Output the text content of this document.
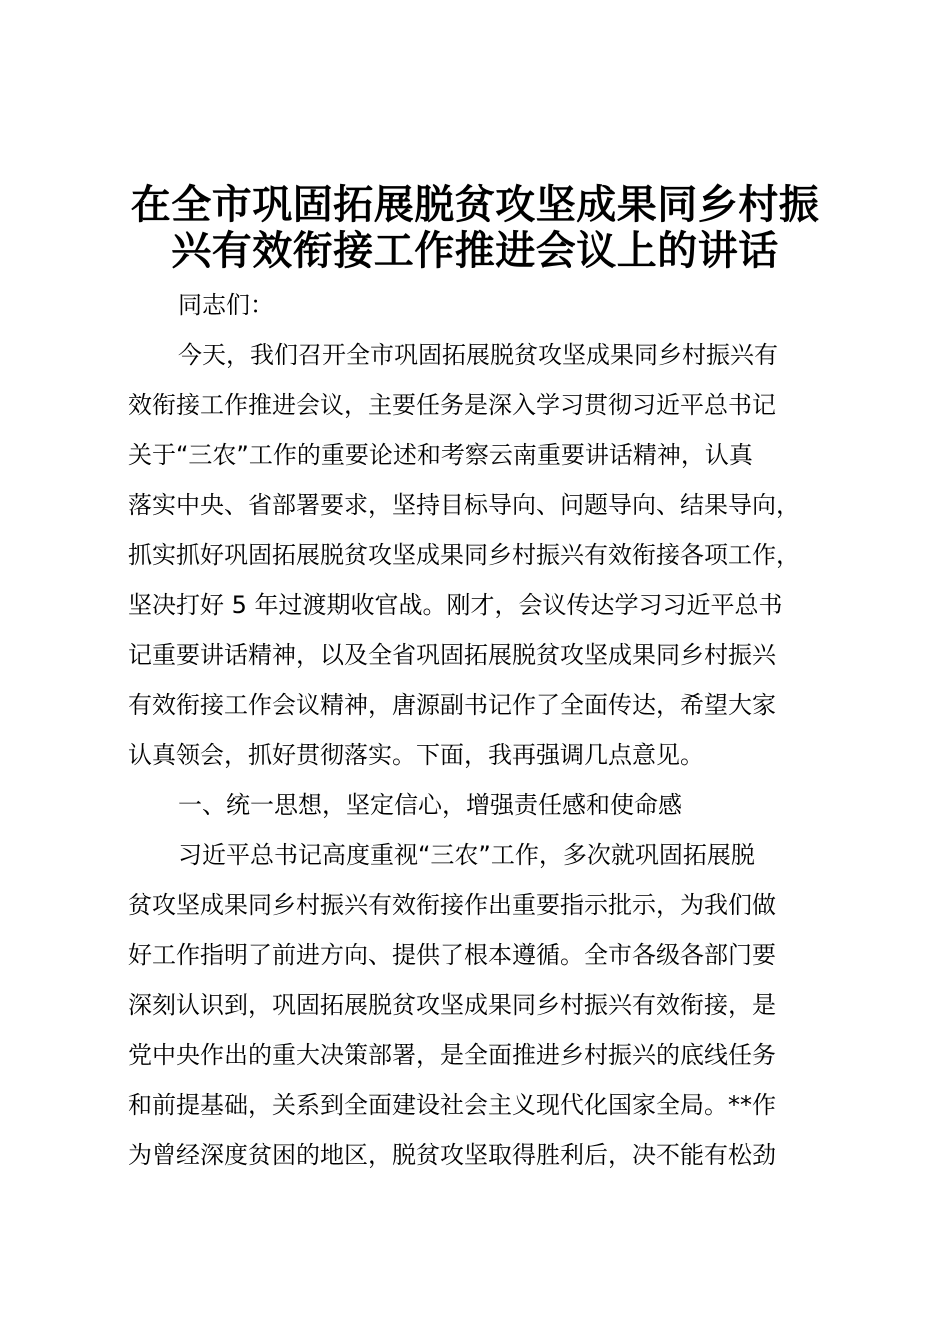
在全市巩固拓展脱贫攻坚成果同乡村振
兴有效衔接工作推进会议上的讲话
同志们：
今天，我们召开全市巩固拓展脱贫攻坚成果同乡村振兴有
效衔接工作推进会议，主要任务是深入学习贯彻习近平总书记
关于“三农”工作的重要论述和考察云南重要讲话精神，认真
落实中央、省部署要求，坚持目标导向、问题导向、结果导向，
抓实抓好巩固拓展脱贫攻坚成果同乡村振兴有效衔接各项工作，
坚决打好 5 年过渡期收官战。刚才，会议传达学习习近平总书
记重要讲话精神，以及全省巩固拓展脱贫攻坚成果同乡村振兴
有效衔接工作会议精神，唐源副书记作了全面传达，希望大家
认真领会，抓好贯彻落实。下面，我再强调几点意见。
一、统一思想，坚定信心，增强责任感和使命感
习近平总书记高度重视“三农”工作，多次就巩固拓展脱
贫攻坚成果同乡村振兴有效衔接作出重要指示批示，为我们做
好工作指明了前进方向、提供了根本遵循。全市各级各部门要
深刻认识到，巩固拓展脱贫攻坚成果同乡村振兴有效衔接，是
党中央作出的重大决策部署，是全面推进乡村振兴的底线任务
和前提基础，关系到全面建设社会主义现代化国家全局。**作
为曾经深度贫困的地区，脱贫攻坚取得胜利后，决不能有松劲
